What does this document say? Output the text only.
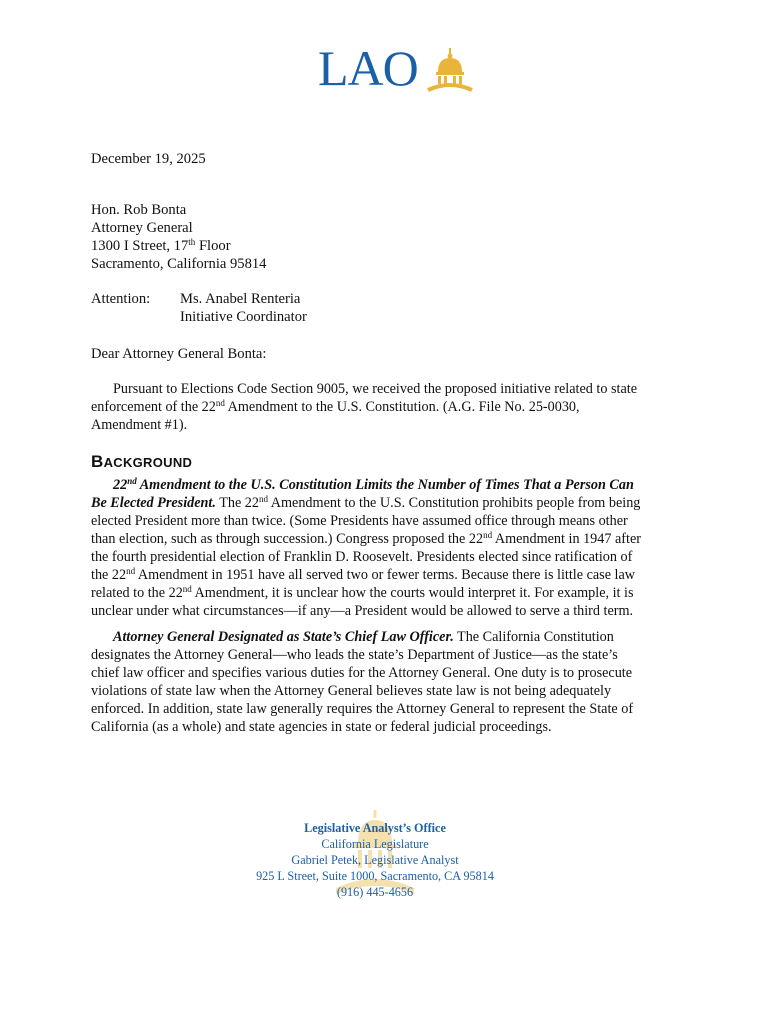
LAO
December 19, 2025
Hon. Rob Bonta
Attorney General
1300 I Street, 17th Floor
Sacramento, California 95814
Attention: Ms. Anabel Renteria
Initiative Coordinator
Dear Attorney General Bonta:
Pursuant to Elections Code Section 9005, we received the proposed initiative related to state
enforcement of the 22nd Amendment to the U.S. Constitution. (A.G. File No. 25-0030,
Amendment #1).
BACKGROUND
22nd Amendment to the U.S. Constitution Limits the Number of Times That a Person Can
Be Elected President. The 22nd Amendment to the U.S. Constitution prohibits people from being
elected President more than twice. (Some Presidents have assumed office through means other
than election, such as through succession.) Congress proposed the 22nd Amendment in 1947 after
the fourth presidential election of Franklin D. Roosevelt. Presidents elected since ratification of
the 22nd Amendment in 1951 have all served two or fewer terms. Because there is little case law
related to the 22nd Amendment, it is unclear how the courts would interpret it. For example, it is
unclear under what circumstances—if any—a President would be allowed to serve a third term.
Attorney General Designated as State’s Chief Law Officer. The California Constitution
designates the Attorney General—who leads the state’s Department of Justice—as the state’s
chief law officer and specifies various duties for the Attorney General. One duty is to prosecute
violations of state law when the Attorney General believes state law is not being adequately
enforced. In addition, state law generally requires the Attorney General to represent the State of
California (as a whole) and state agencies in state or federal judicial proceedings.
Legislative Analyst’s Office
California Legislature
Gabriel Petek, Legislative Analyst
925 L Street, Suite 1000, Sacramento, CA 95814
(916) 445-4656
